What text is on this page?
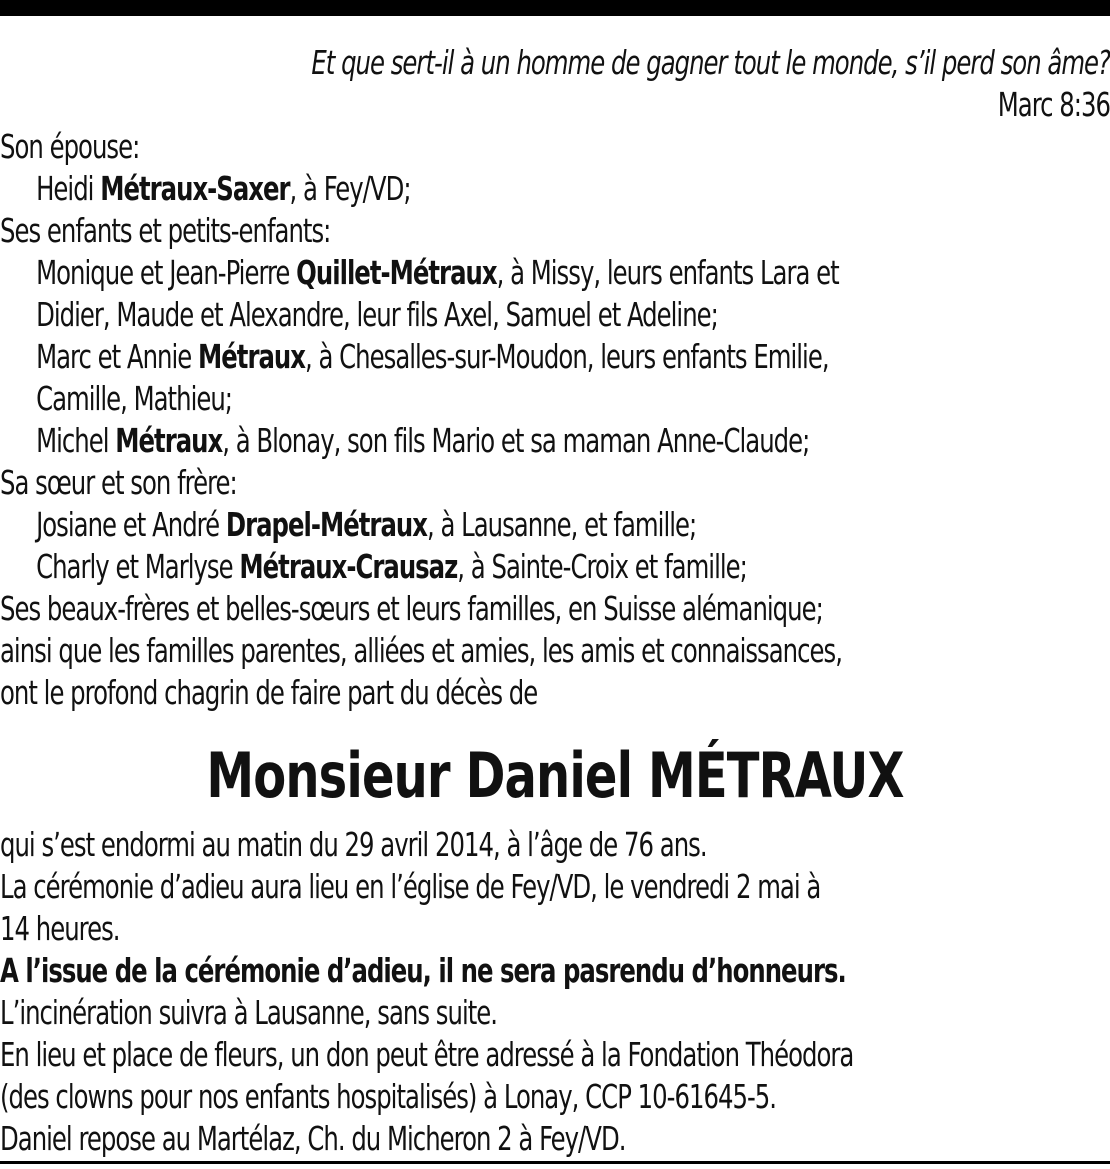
Et que sert-il à un homme de gagner tout le monde, s’il perd son âme?
Marc 8:36
Son épouse:
Heidi Métraux-Saxer, à Fey/VD;
Ses enfants et petits-enfants:
Monique et Jean-Pierre Quillet-Métraux, à Missy, leurs enfants Lara et
Didier, Maude et Alexandre, leur fils Axel, Samuel et Adeline;
Marc et Annie Métraux, à Chesalles-sur-Moudon, leurs enfants Emilie,
Camille, Mathieu;
Michel Métraux, à Blonay, son fils Mario et sa maman Anne-Claude;
Sa sœur et son frère:
Josiane et André Drapel-Métraux, à Lausanne, et famille;
Charly et Marlyse Métraux-Crausaz, à Sainte-Croix et famille;
Ses beaux-frères et belles-sœurs et leurs familles, en Suisse alémanique;
ainsi que les familles parentes, alliées et amies, les amis et connaissances,
ont le profond chagrin de faire part du décès de
Monsieur Daniel MÉTRAUX
qui s’est endormi au matin du 29 avril 2014, à l’âge de 76 ans.
La cérémonie d’adieu aura lieu en l’église de Fey/VD, le vendredi 2 mai à
14 heures.
A l’issue de la cérémonie d’adieu, il ne sera pasrendu d’honneurs.
L’incinération suivra à Lausanne, sans suite.
En lieu et place de fleurs, un don peut être adressé à la Fondation Théodora
(des clowns pour nos enfants hospitalisés) à Lonay, CCP 10-61645-5.
Daniel repose au Martélaz, Ch. du Micheron 2 à Fey/VD.
